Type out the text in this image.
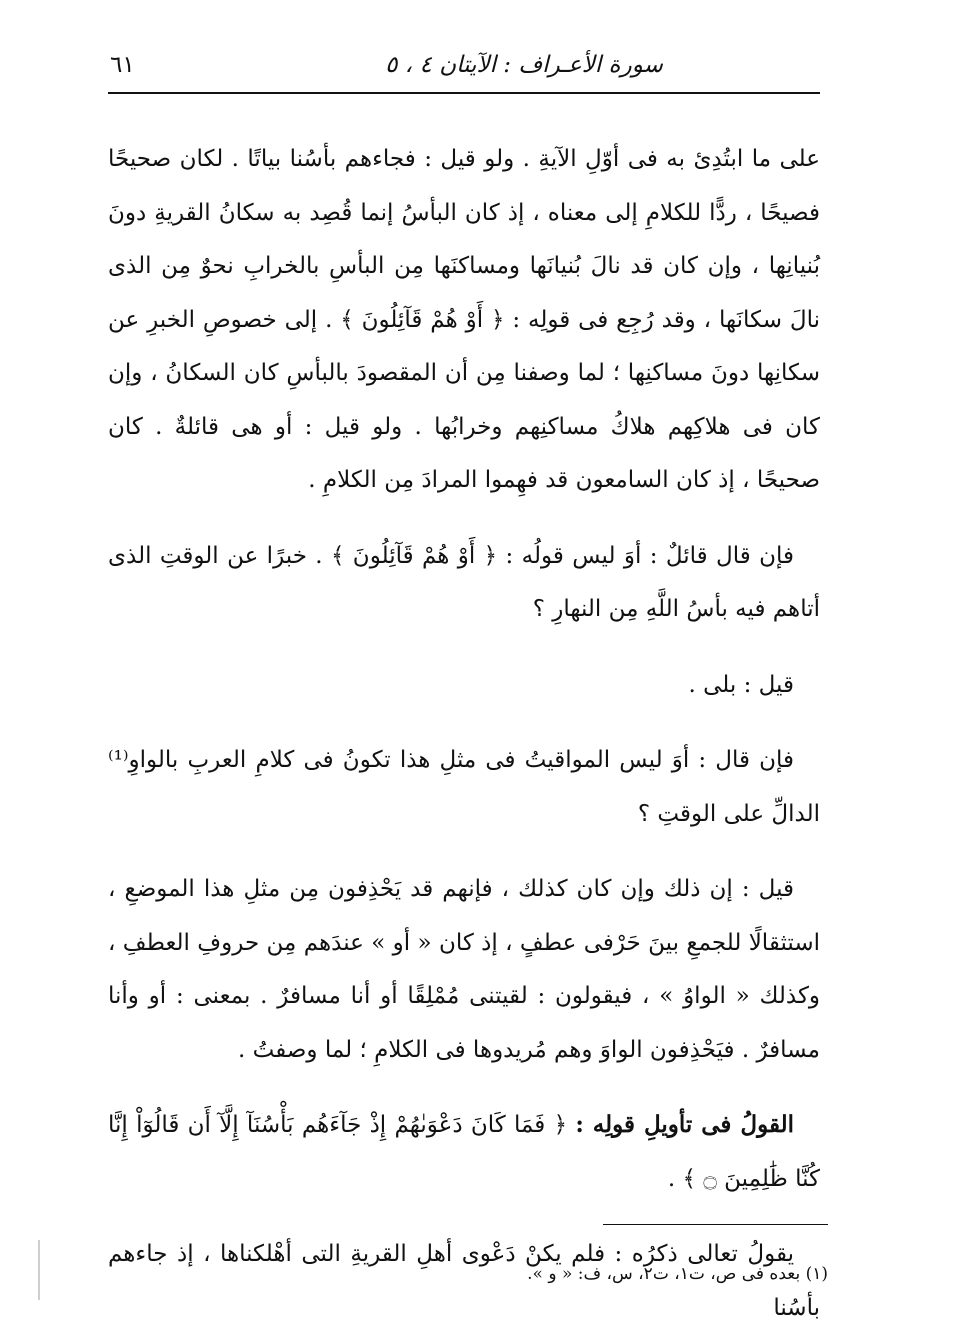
سورة الأعـراف : الآيتان ٤ ، ٥
٦١

على ما ابتُدِئ به فى أوّلِ الآيةِ . ولو قيل : فجاءهم بأسُنا بياتًا . لكان صحيحًا فصيحًا ، ردًّا للكلامِ إلى معناه ، إذ كان البأسُ إنما قُصِد به سكانُ القريةِ دونَ بُنيانِها ، وإن كان قد نالَ بُنيانَها ومساكنَها مِن البأسِ بالخرابِ نحوٌ مِن الذى نالَ سكانَها ، وقد رُجِع فى قولِه : ﴿ أَوْ هُمْ قَآئِلُونَ ﴾ . إلى خصوصِ الخبرِ عن سكانِها دونَ مساكنِها ؛ لما وصفنا مِن أن المقصودَ بالبأسِ كان السكانُ ، وإن كان فى هلاكِهم هلاكُ مساكنِهم وخرابُها . ولو قيل : أو هى قائلةٌ . كان صحيحًا ، إذ كان السامعون قد فهِموا المرادَ مِن الكلامِ .

فإن قال قائلٌ : أوَ ليس قولُه : ﴿ أَوْ هُمْ قَآئِلُونَ ﴾ . خبرًا عن الوقتِ الذى أتاهم فيه بأسُ اللَّهِ مِن النهارِ ؟

قيل : بلى .

فإن قال : أوَ ليس المواقيتُ فى مثلِ هذا تكونُ فى كلامِ العربِ بالواوِ⁽¹⁾ الدالِّ على الوقتِ ؟

قيل : إن ذلك وإن كان كذلك ، فإنهم قد يَحْذِفون مِن مثلِ هذا الموضعِ ، استثقالًا للجمعِ بينَ حَرْفى عطفٍ ، إذ كان « أو » عندَهم مِن حروفِ العطفِ ، وكذلك « الواوُ » ، فيقولون : لقيتنى مُمْلِقًا أو أنا مسافرٌ . بمعنى : أو وأنا مسافرٌ . فيَحْذِفون الواوَ وهم مُريدوها فى الكلامِ ؛ لما وصفتُ .

القولُ فى تأويلِ قولِه : ﴿ فَمَا كَانَ دَعْوَىٰهُمْ إِذْ جَآءَهُم بَأْسُنَآ إِلَّآ أَن قَالُوٓاْ إِنَّا كُنَّا ظَٰلِمِينَ ۝ ﴾ .

يقولُ تعالى ذكرُه : فلم يكنْ دَعْوى أهلِ القريةِ التى أهْلكناها ، إذ جاءهم بأسُنا

(١) بعده فى ص، ت١، ت٢، س، ف: « و ».
